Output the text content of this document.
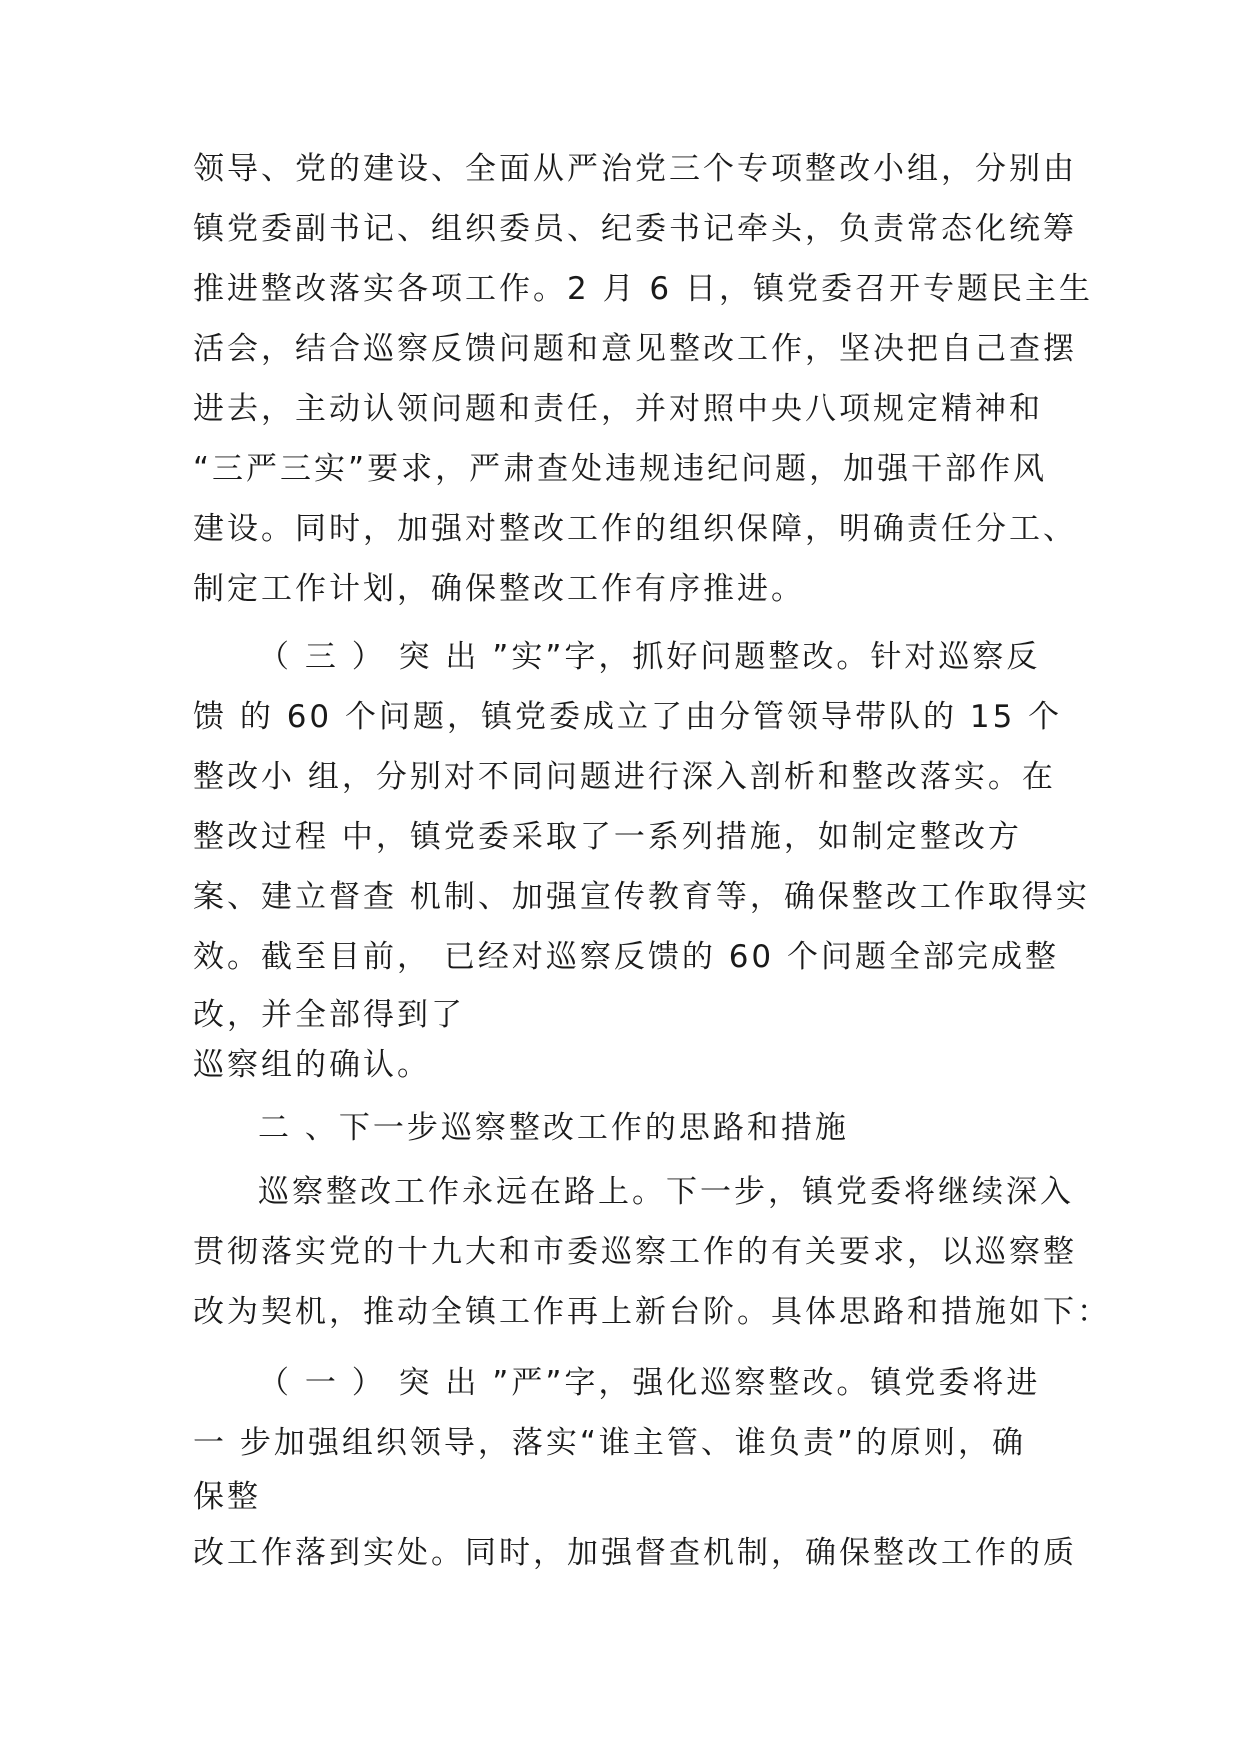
领导、党的建设、全面从严治党三个专项整改小组，分别由
镇党委副书记、组织委员、纪委书记牵头，负责常态化统筹
推进整改落实各项工作。2 月 6 日，镇党委召开专题民主生
活会，结合巡察反馈问题和意见整改工作，坚决把自己查摆
进去，主动认领问题和责任，并对照中央八项规定精神和
“三严三实”要求，严肃查处违规违纪问题，加强干部作风
建设。同时，加强对整改工作的组织保障，明确责任分工、
制定工作计划，确保整改工作有序推进。
（ 三 ） 突 出 ”实”字，抓好问题整改。针对巡察反
馈 的 60 个问题，镇党委成立了由分管领导带队的 15 个
整改小 组，分别对不同问题进行深入剖析和整改落实。在
整改过程 中，镇党委采取了一系列措施，如制定整改方
案、建立督查 机制、加强宣传教育等，确保整改工作取得实
效。截至目前， 已经对巡察反馈的 60 个问题全部完成整
改，并全部得到了
巡察组的确认。
二 、下一步巡察整改工作的思路和措施
巡察整改工作永远在路上。下一步，镇党委将继续深入
贯彻落实党的十九大和市委巡察工作的有关要求，以巡察整
改为契机，推动全镇工作再上新台阶。具体思路和措施如下：
（ 一 ） 突 出 ”严”字，强化巡察整改。镇党委将进
一 步加强组织领导，落实“谁主管、谁负责”的原则，确
保整
改工作落到实处。同时，加强督查机制，确保整改工作的质
